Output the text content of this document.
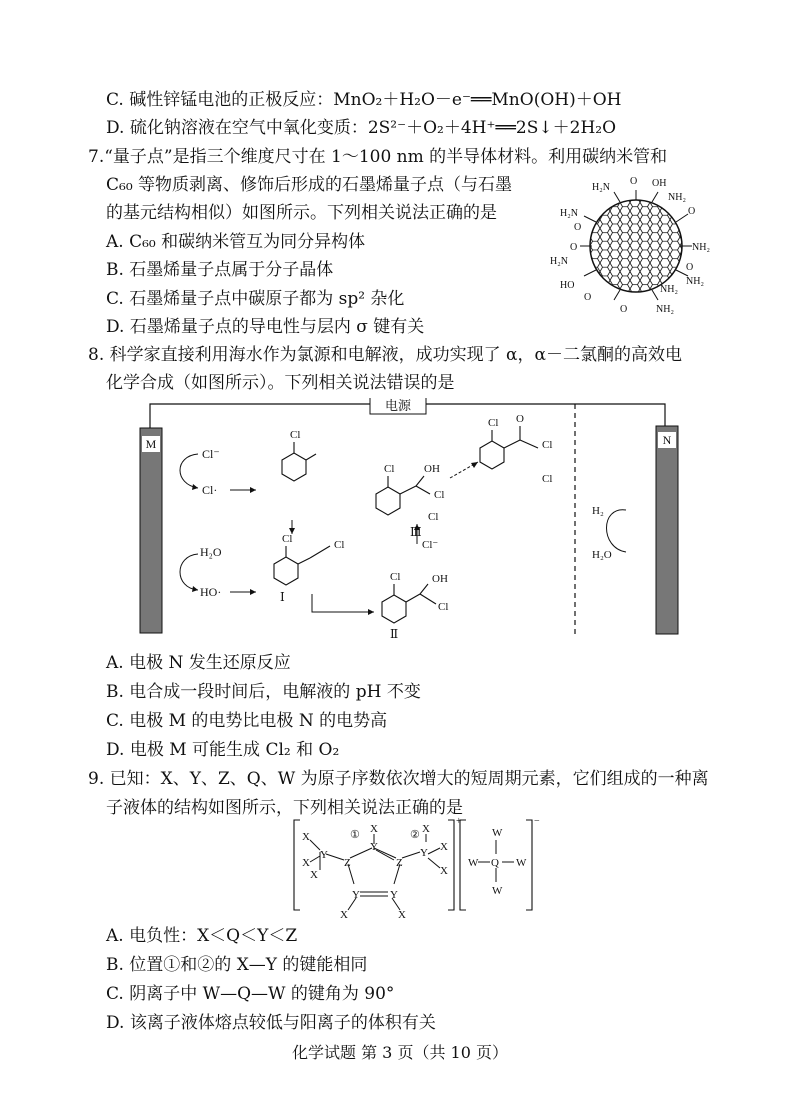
C. 碱性锌锰电池的正极反应：MnO₂＋H₂O－e⁻══MnO(OH)＋OH
D. 硫化钠溶液在空气中氧化变质：2S²⁻＋O₂＋4H⁺══2S↓＋2H₂O
7.“量子点”是指三个维度尺寸在 1～100 nm 的半导体材料。利用碳纳米管和
C₆₀ 等物质剥离、修饰后形成的石墨烯量子点（与石墨
的基元结构相似）如图所示。下列相关说法正确的是
A. C₆₀ 和碳纳米管互为同分异构体
B. 石墨烯量子点属于分子晶体
C. 石墨烯量子点中碳原子都为 sp² 杂化
D. 石墨烯量子点的导电性与层内 σ 键有关
H₂N
O OH
NH₂
H₂N
O
O
NH₂
H₂N
O
NH₂
O
HO
O
NH₂
O
NH₂
8. 科学家直接利用海水作为氯源和电解液，成功实现了 α，α－二氯酮的高效电
化学合成（如图所示）。下列相关说法错误的是
电源
M	N
Cl⁻
Cl·
H₂O
HO·
Cl
Cl	Cl
Ⅰ
Cl	OH
Cl
Ⅱ
Cl	OH
Cl
Cl
Ⅲ
Cl⁻
Cl O
Cl
Cl
H₂
H₂O
A. 电极 N 发生还原反应
B. 电合成一段时间后，电解液的 pH 不变
C. 电极 M 的电势比电极 N 的电势高
D. 电极 M 可能生成 Cl₂ 和 O₂
9. 已知：X、Y、Z、Q、W 为原子序数依次增大的短周期元素，它们组成的一种离
子液体的结构如图所示，下列相关说法正确的是
+	−
X
X
X
Y
Z
X
①
Y
Z
Y	Y
X	X
② X
Y X
X
W
W Q W
W
A. 电负性：X＜Q＜Y＜Z
B. 位置①和②的 X—Y 的键能相同
C. 阴离子中 W—Q—W 的键角为 90°
D. 该离子液体熔点较低与阳离子的体积有关
化学试题 第 3 页（共 10 页）
